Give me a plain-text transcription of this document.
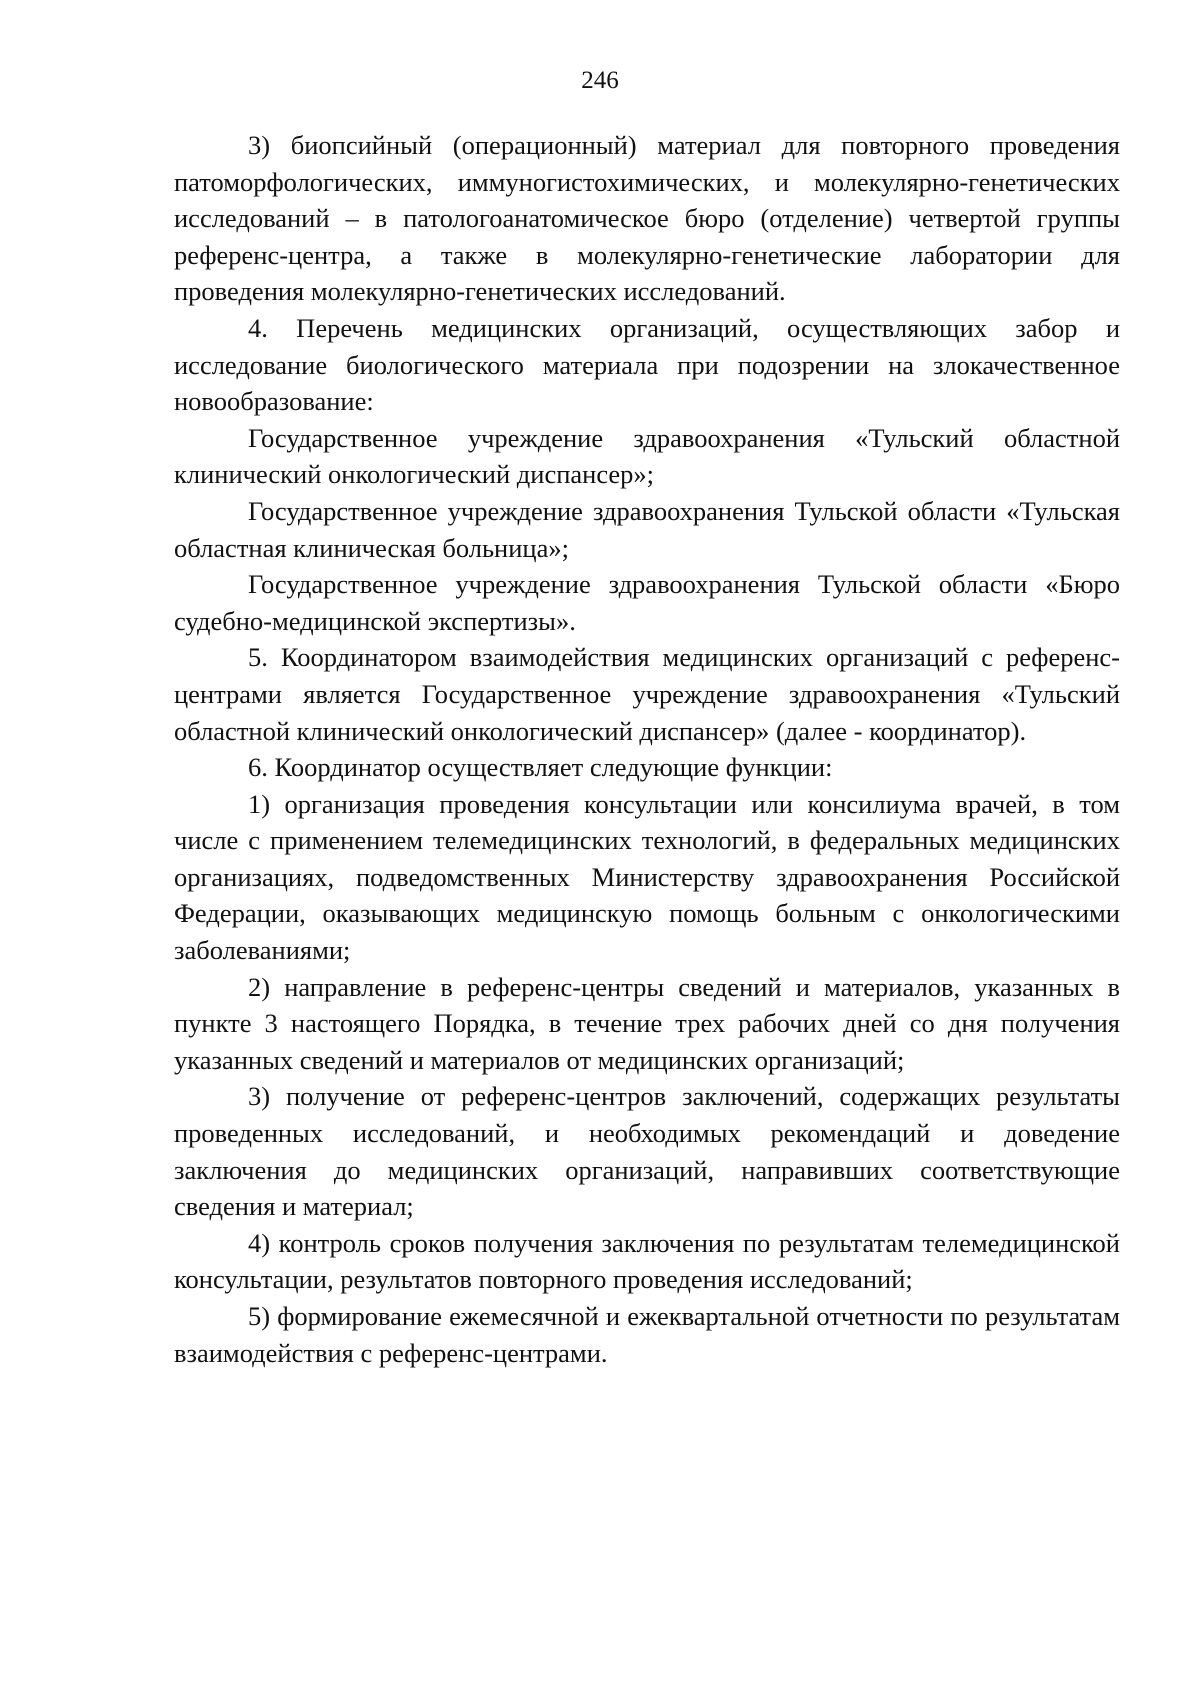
246

3) биопсийный (операционный) материал для повторного проведения патоморфологических, иммуногистохимических, и молекулярно-генетических исследований – в патологоанатомическое бюро (отделение) четвертой группы референс-центра, а также в молекулярно-генетические лаборатории для проведения молекулярно-генетических исследований.

4. Перечень медицинских организаций, осуществляющих забор и исследование биологического материала при подозрении на злокачественное новообразование:

Государственное учреждение здравоохранения «Тульский областной клинический онкологический диспансер»;

Государственное учреждение здравоохранения Тульской области «Тульская областная клиническая больница»;

Государственное учреждение здравоохранения Тульской области «Бюро судебно-медицинской экспертизы».

5. Координатором взаимодействия медицинских организаций с референс-центрами является Государственное учреждение здравоохранения «Тульский областной клинический онкологический диспансер» (далее - координатор).

6. Координатор осуществляет следующие функции:

1) организация проведения консультации или консилиума врачей, в том числе с применением телемедицинских технологий, в федеральных медицинских организациях, подведомственных Министерству здравоохранения Российской Федерации, оказывающих медицинскую помощь больным с онкологическими заболеваниями;

2) направление в референс-центры сведений и материалов, указанных в пункте 3 настоящего Порядка, в течение трех рабочих дней со дня получения указанных сведений и материалов от медицинских организаций;

3) получение от референс-центров заключений, содержащих результаты проведенных исследований, и необходимых рекомендаций и доведение заключения до медицинских организаций, направивших соответствующие сведения и материал;

4) контроль сроков получения заключения по результатам телемедицинской консультации, результатов повторного проведения исследований;

5) формирование ежемесячной и ежеквартальной отчетности по результатам взаимодействия с референс-центрами.
